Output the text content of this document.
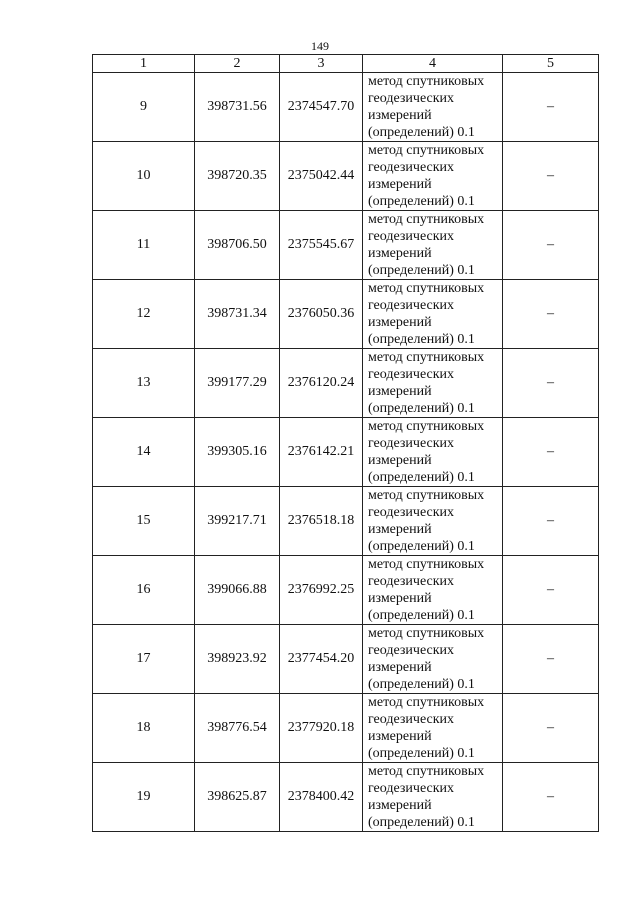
149
1	2	3	4	5
9	398731.56	2374547.70	метод спутниковых
геодезических
измерений
(определений) 0.1	–
10	398720.35	2375042.44	метод спутниковых
геодезических
измерений
(определений) 0.1	–
11	398706.50	2375545.67	метод спутниковых
геодезических
измерений
(определений) 0.1	–
12	398731.34	2376050.36	метод спутниковых
геодезических
измерений
(определений) 0.1	–
13	399177.29	2376120.24	метод спутниковых
геодезических
измерений
(определений) 0.1	–
14	399305.16	2376142.21	метод спутниковых
геодезических
измерений
(определений) 0.1	–
15	399217.71	2376518.18	метод спутниковых
геодезических
измерений
(определений) 0.1	–
16	399066.88	2376992.25	метод спутниковых
геодезических
измерений
(определений) 0.1	–
17	398923.92	2377454.20	метод спутниковых
геодезических
измерений
(определений) 0.1	–
18	398776.54	2377920.18	метод спутниковых
геодезических
измерений
(определений) 0.1	–
19	398625.87	2378400.42	метод спутниковых
геодезических
измерений
(определений) 0.1	–
